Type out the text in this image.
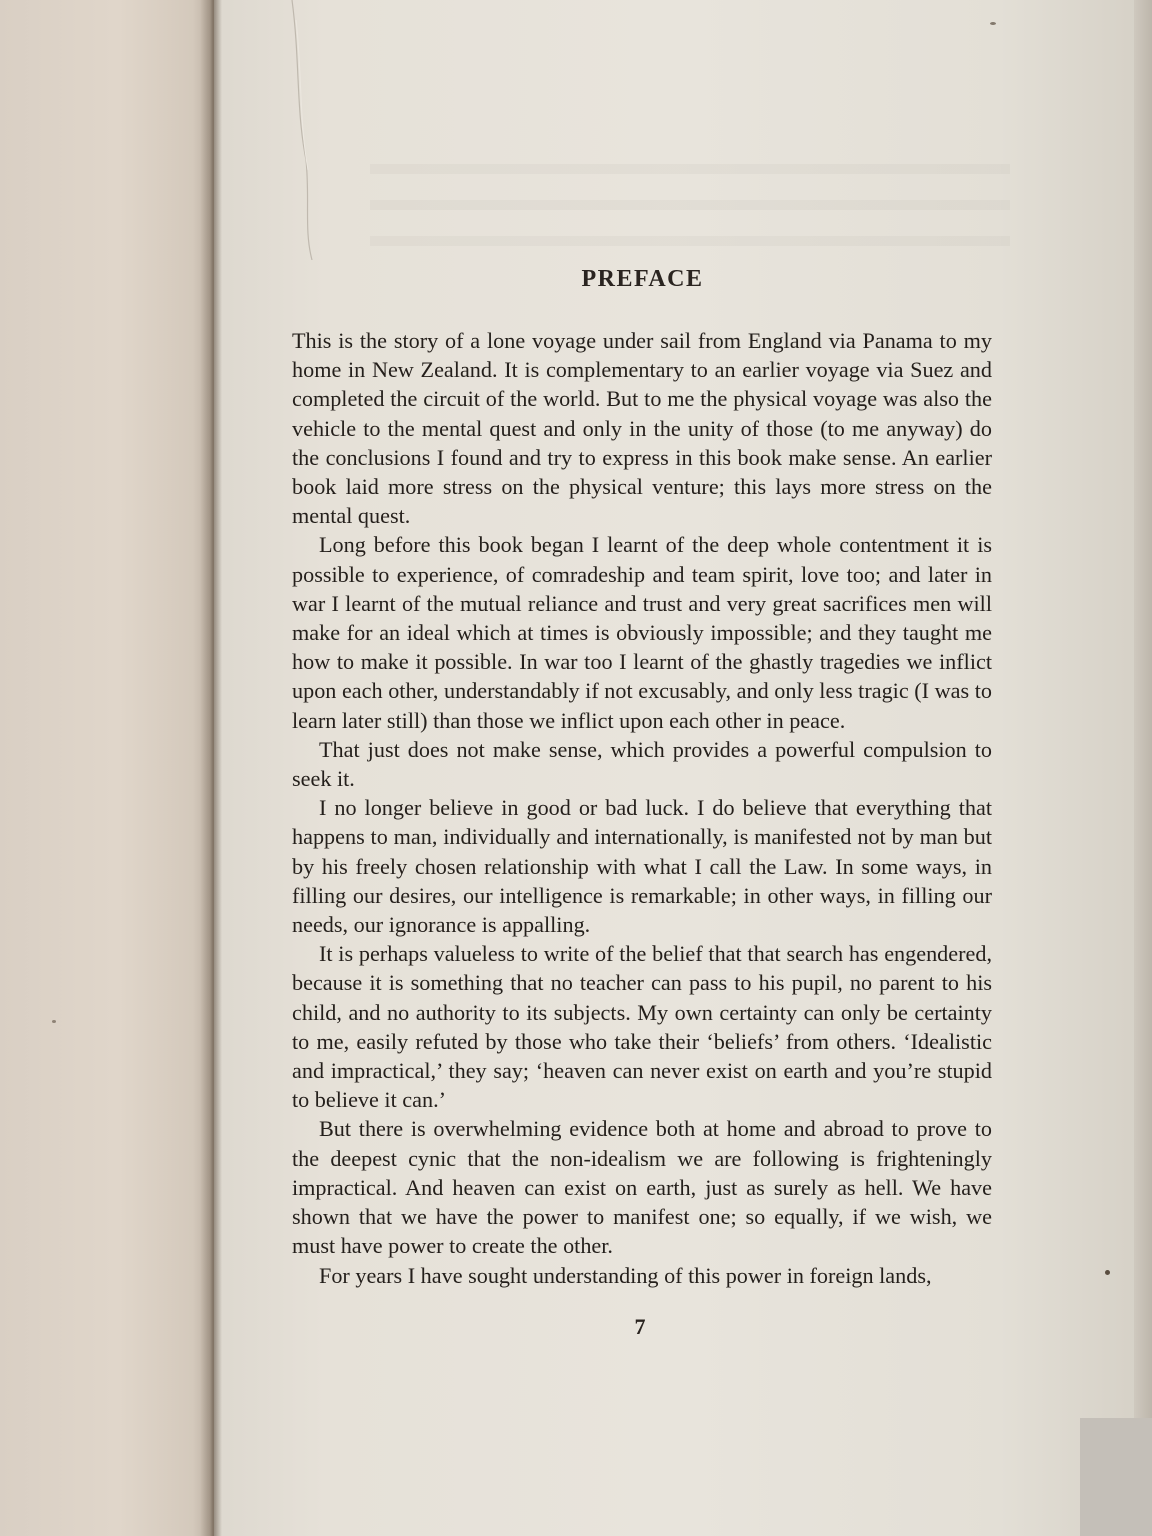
PREFACE

This is the story of a lone voyage under sail from England via Panama to my home in New Zealand. It is complementary to an earlier voyage via Suez and completed the circuit of the world. But to me the physical voyage was also the vehicle to the mental quest and only in the unity of those (to me anyway) do the conclusions I found and try to express in this book make sense. An earlier book laid more stress on the physical venture; this lays more stress on the mental quest.

Long before this book began I learnt of the deep whole contentment it is possible to experience, of comradeship and team spirit, love too; and later in war I learnt of the mutual reliance and trust and very great sacrifices men will make for an ideal which at times is obviously impossible; and they taught me how to make it possible. In war too I learnt of the ghastly tragedies we inflict upon each other, understandably if not excusably, and only less tragic (I was to learn later still) than those we inflict upon each other in peace.

That just does not make sense, which provides a powerful compulsion to seek it.

I no longer believe in good or bad luck. I do believe that everything that happens to man, individually and internationally, is manifested not by man but by his freely chosen relationship with what I call the Law. In some ways, in filling our desires, our intelligence is remarkable; in other ways, in filling our needs, our ignorance is appalling.

It is perhaps valueless to write of the belief that that search has engendered, because it is something that no teacher can pass to his pupil, no parent to his child, and no authority to its subjects. My own certainty can only be certainty to me, easily refuted by those who take their ‘beliefs’ from others. ‘Idealistic and impractical,’ they say; ‘heaven can never exist on earth and you’re stupid to believe it can.’

But there is overwhelming evidence both at home and abroad to prove to the deepest cynic that the non-idealism we are following is frighteningly impractical. And heaven can exist on earth, just as surely as hell. We have shown that we have the power to manifest one; so equally, if we wish, we must have power to create the other.

For years I have sought understanding of this power in foreign lands,

7
